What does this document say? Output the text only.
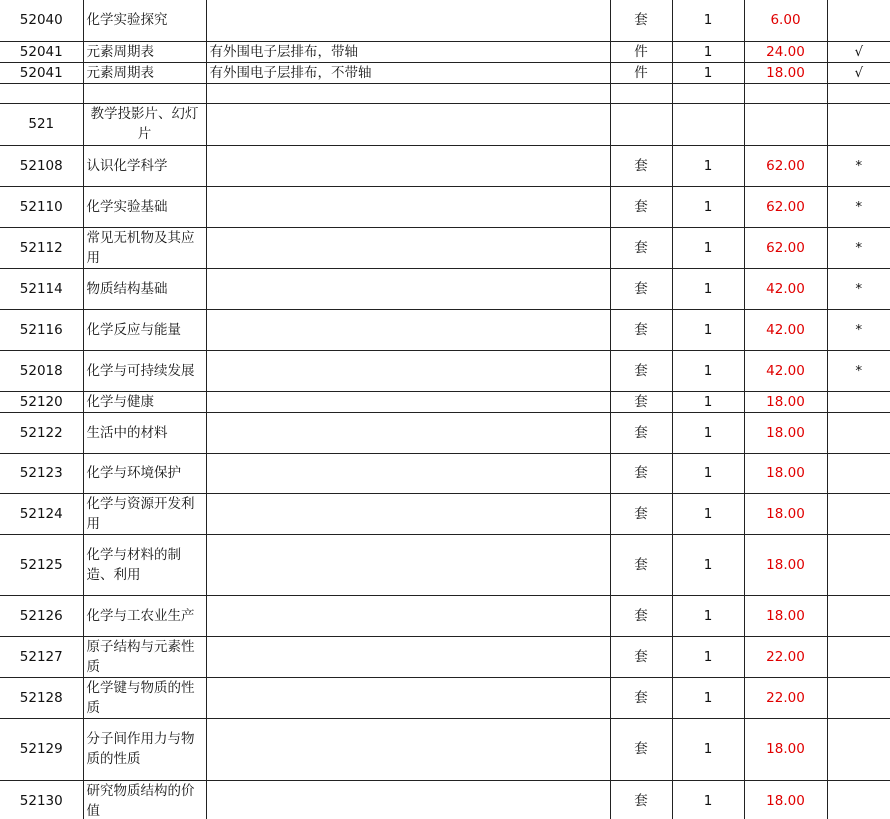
52040	化学实验探究		套	1	6.00	
52041	元素周期表	有外围电子层排布，带轴	件	1	24.00	√
52041	元素周期表	有外围电子层排布，不带轴	件	1	18.00	√

521	教学投影片、幻灯片					
52108	认识化学科学		套	1	62.00	*
52110	化学实验基础		套	1	62.00	*
52112	常见无机物及其应用		套	1	62.00	*
52114	物质结构基础		套	1	42.00	*
52116	化学反应与能量		套	1	42.00	*
52018	化学与可持续发展		套	1	42.00	*
52120	化学与健康		套	1	18.00	
52122	生活中的材料		套	1	18.00	
52123	化学与环境保护		套	1	18.00	
52124	化学与资源开发利用		套	1	18.00	
52125	化学与材料的制造、利用		套	1	18.00	
52126	化学与工农业生产		套	1	18.00	
52127	原子结构与元素性质		套	1	22.00	
52128	化学键与物质的性质		套	1	22.00	
52129	分子间作用力与物质的性质		套	1	18.00	
52130	研究物质结构的价值		套	1	18.00	
